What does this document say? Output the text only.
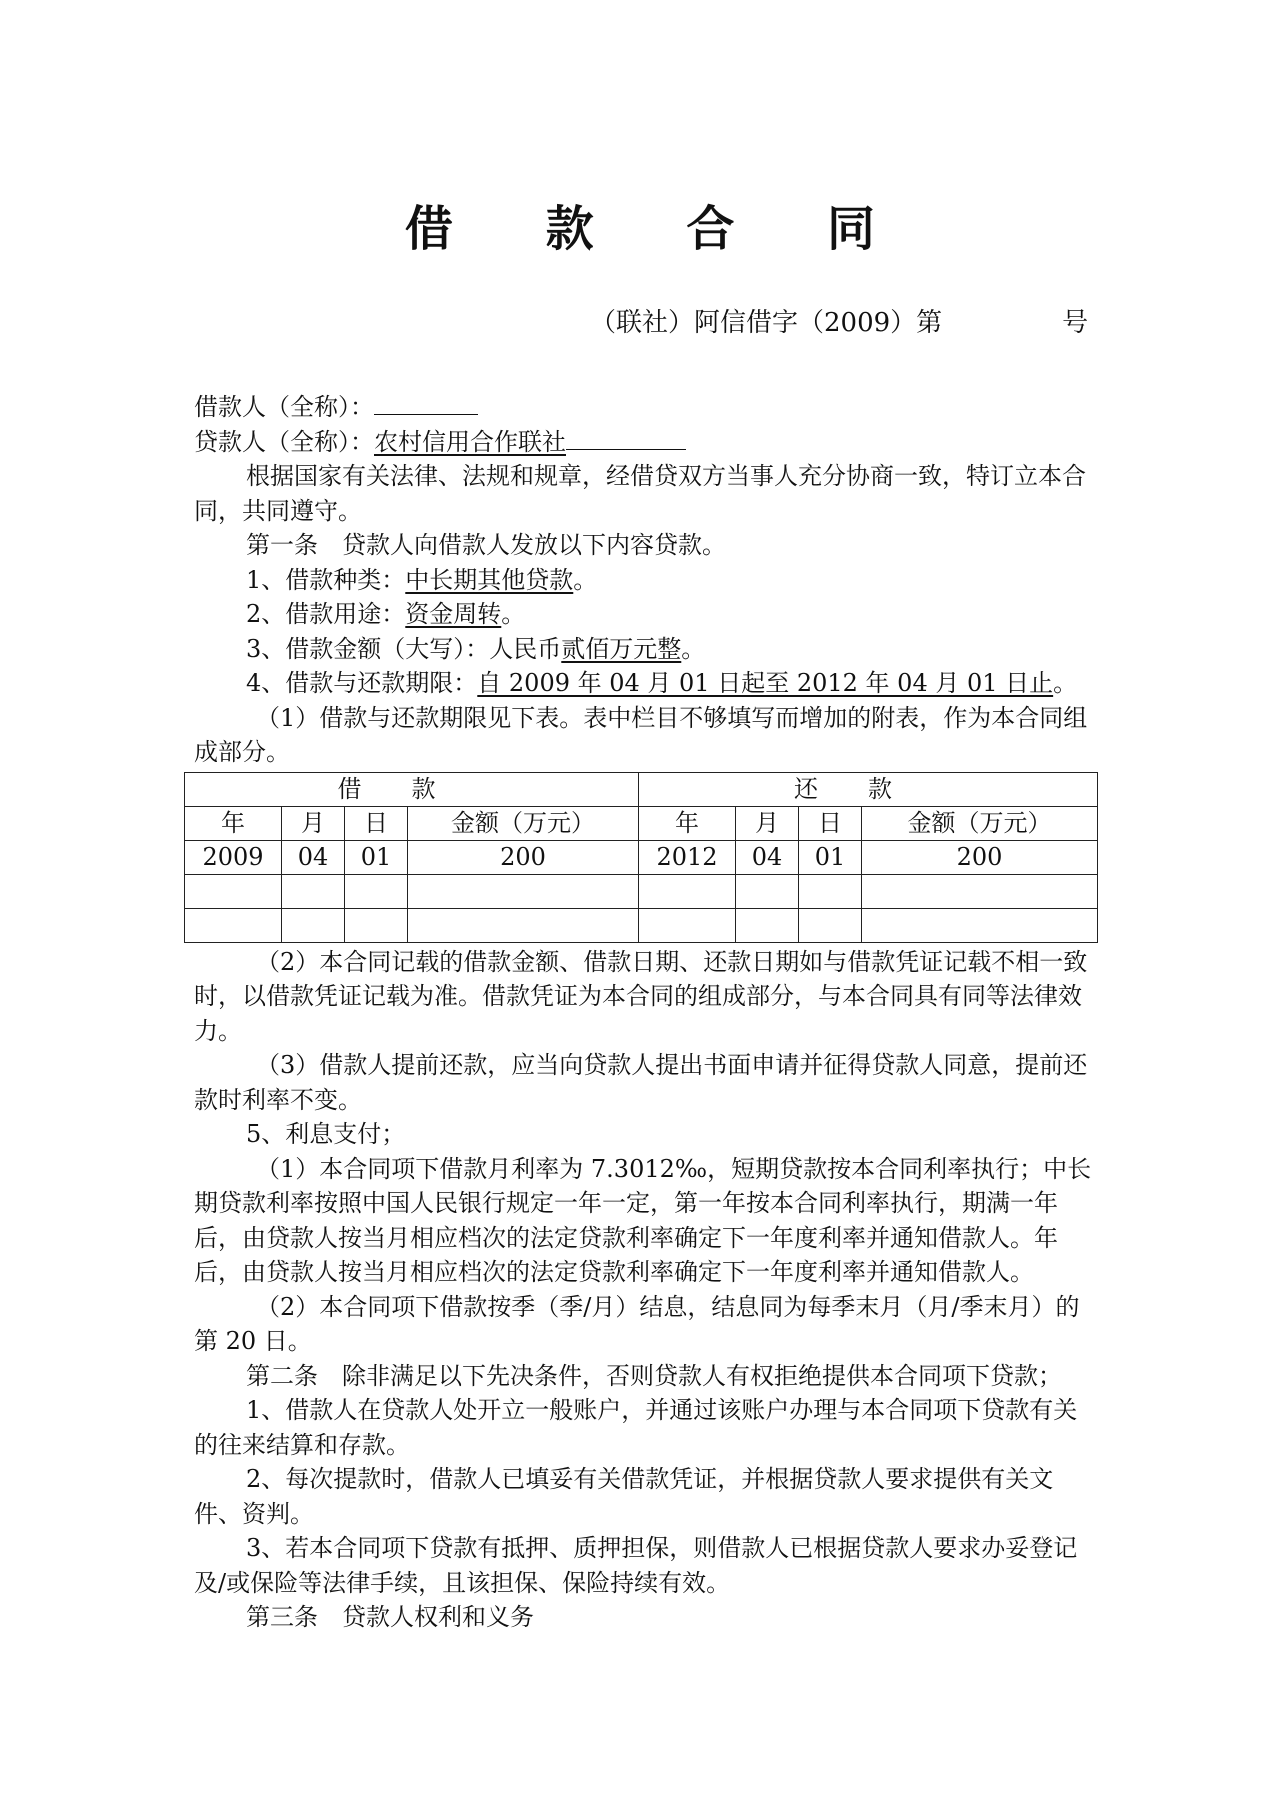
借 款 合 同
（联社）阿信借字（2009）第	号

借款人（全称）：

贷款人（全称）：农村信用合作联社

根据国家有关法律、法规和规章，经借贷双方当事人充分协商一致，特订立本合同，共同遵守。

第一条　贷款人向借款人发放以下内容贷款。

1、借款种类：中长期其他贷款。

2、借款用途：资金周转。

3、借款金额（大写）：人民币贰佰万元整。

4、借款与还款期限：自 2009 年 04 月 01 日起至 2012 年 04 月 01 日止。

（1）借款与还款期限见下表。表中栏目不够填写而增加的附表，作为本合同组成部分。

借款				还款			
年	月	日	金额（万元）	年	月	日	金额（万元）
2009	04	01	200	2012	04	01	200

（2）本合同记载的借款金额、借款日期、还款日期如与借款凭证记载不相一致时，以借款凭证记载为准。借款凭证为本合同的组成部分，与本合同具有同等法律效力。

（3）借款人提前还款，应当向贷款人提出书面申请并征得贷款人同意，提前还款时利率不变。

5、利息支付；

（1）本合同项下借款月利率为 7.3012‰，短期贷款按本合同利率执行；中长期贷款利率按照中国人民银行规定一年一定，第一年按本合同利率执行，期满一年后，由贷款人按当月相应档次的法定贷款利率确定下一年度利率并通知借款人。年后，由贷款人按当月相应档次的法定贷款利率确定下一年度利率并通知借款人。

（2）本合同项下借款按季（季/月）结息，结息同为每季末月（月/季末月）的第 20 日。

第二条　除非满足以下先决条件，否则贷款人有权拒绝提供本合同项下贷款；

1、借款人在贷款人处开立一般账户，并通过该账户办理与本合同项下贷款有关的往来结算和存款。

2、每次提款时，借款人已填妥有关借款凭证，并根据贷款人要求提供有关文件、资判。

3、若本合同项下贷款有抵押、质押担保，则借款人已根据贷款人要求办妥登记及/或保险等法律手续，且该担保、保险持续有效。

第三条　贷款人权利和义务
